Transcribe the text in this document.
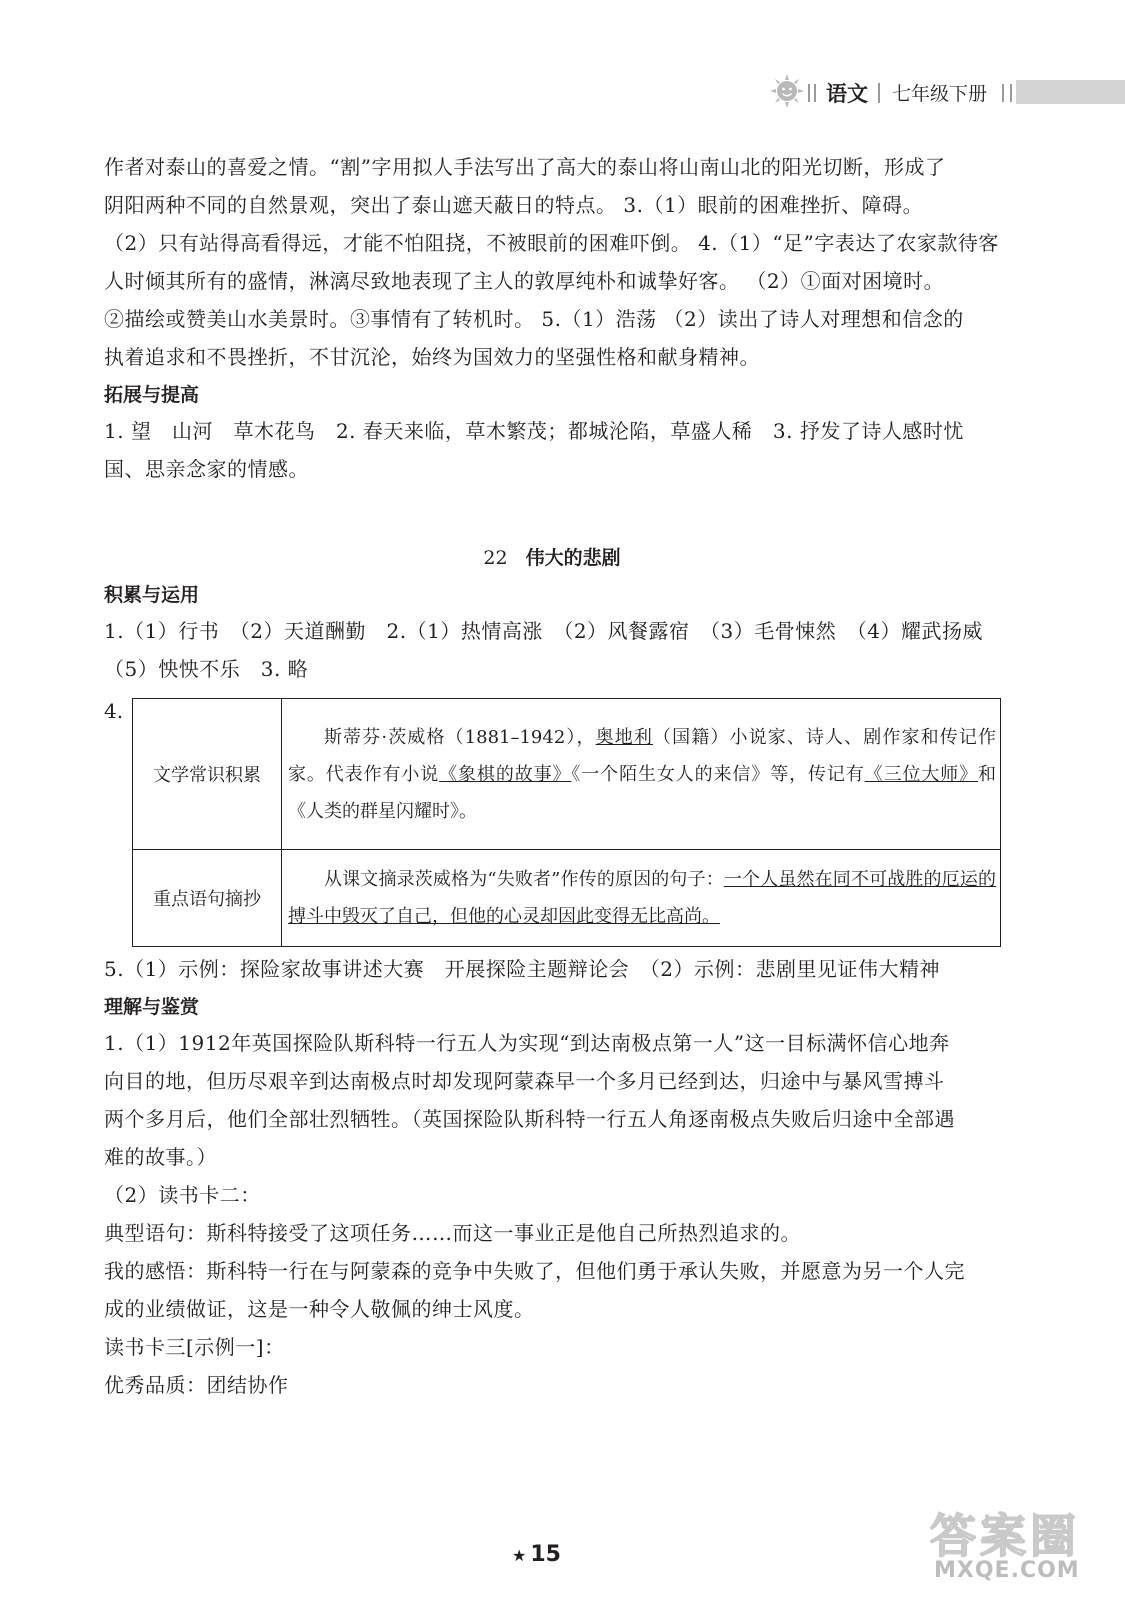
语文 七年级下册

作者对泰山的喜爱之情。“割”字用拟人手法写出了高大的泰山将山南山北的阳光切断，形成了

阴阳两种不同的自然景观，突出了泰山遮天蔽日的特点。 3.（1）眼前的困难挫折、障碍。

（2）只有站得高看得远，才能不怕阻挠，不被眼前的困难吓倒。 4.（1）“足”字表达了农家款待客

人时倾其所有的盛情，淋漓尽致地表现了主人的敦厚纯朴和诚挚好客。 （2）①面对困境时。

②描绘或赞美山水美景时。③事情有了转机时。 5.（1）浩荡 （2）读出了诗人对理想和信念的

执着追求和不畏挫折，不甘沉沦，始终为国效力的坚强性格和献身精神。

拓展与提高

1. 望　山河　草木花鸟　2. 春天来临，草木繁茂；都城沦陷，草盛人稀　3. 抒发了诗人感时忧

国、思亲念家的情感。

22 伟大的悲剧
积累与运用

1.（1）行书　（2）天道酬勤　2.（1）热情高涨　（2）风餐露宿　（3）毛骨悚然　（4）耀武扬威

（5）怏怏不乐　3. 略

4.
文学常识积累	斯蒂芬·茨威格（1881–1942），奥地利（国籍）小说家、诗人、剧作家和传记作家。代表作有小说《象棋的故事》《一个陌生女人的来信》等，传记有《三位大师》和《人类的群星闪耀时》。
重点语句摘抄	从课文摘录茨威格为“失败者”作传的原因的句子：一个人虽然在同不可战胜的厄运的搏斗中毁灭了自己，但他的心灵却因此变得无比高尚。

5.（1）示例：探险家故事讲述大赛　开展探险主题辩论会　（2）示例：悲剧里见证伟大精神

理解与鉴赏

1.（1）1912年英国探险队斯科特一行五人为实现“到达南极点第一人”这一目标满怀信心地奔

向目的地，但历尽艰辛到达南极点时却发现阿蒙森早一个多月已经到达，归途中与暴风雪搏斗

两个多月后，他们全部壮烈牺牲。（英国探险队斯科特一行五人角逐南极点失败后归途中全部遇

难的故事。）

（2）读书卡二：

典型语句：斯科特接受了这项任务……而这一事业正是他自己所热烈追求的。

我的感悟：斯科特一行在与阿蒙森的竞争中失败了，但他们勇于承认失败，并愿意为另一个人完

成的业绩做证，这是一种令人敬佩的绅士风度。

读书卡三[示例一]：

优秀品质：团结协作

★ 15	答案圈
MXQE.COM
